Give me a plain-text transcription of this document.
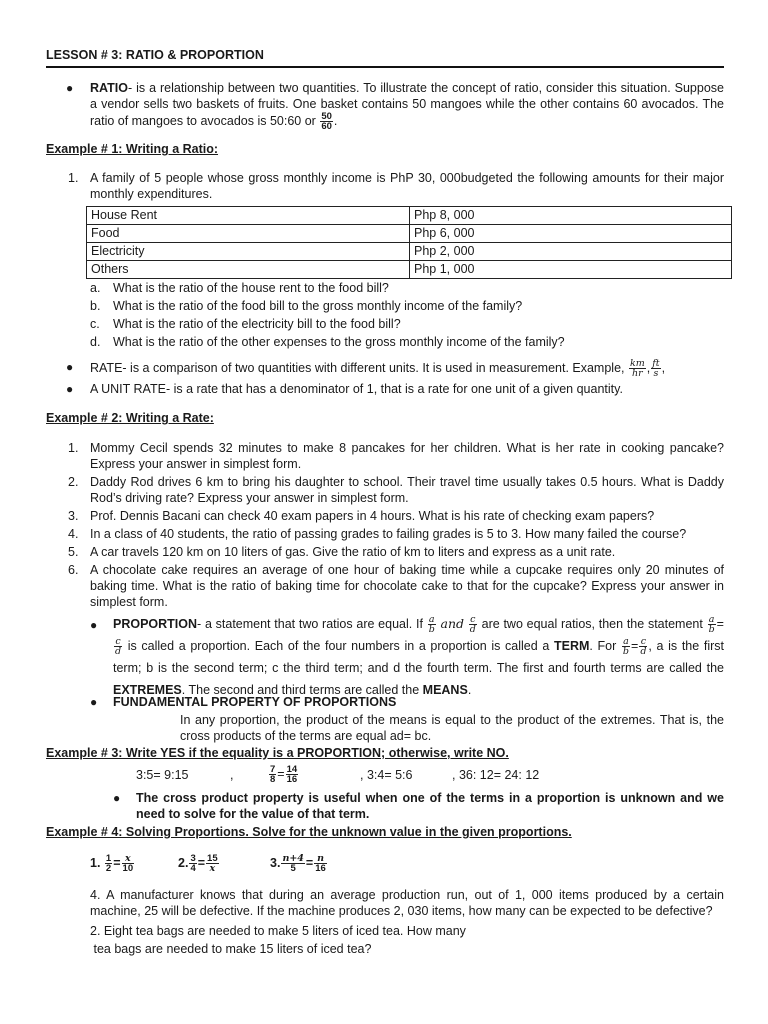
LESSON # 3: RATIO & PROPORTION
● RATIO- is a relationship between two quantities. To illustrate the concept of ratio, consider this situation. Suppose a vendor sells two baskets of fruits. One basket contains 50 mangoes while the other contains 60 avocados. The ratio of mangoes to avocados is 50:60 or $\frac{50}{60}$ .
Example # 1: Writing a Ratio:
1. A family of 5 people whose gross monthly income is PhP 30, 000budgeted the following amounts for their major monthly expenditures.
House Rent	Php 8, 000
Food	Php 6, 000
Electricity	Php 2, 000
Others	Php 1, 000
a. What is the ratio of the house rent to the food bill?
b. What is the ratio of the food bill to the gross monthly income of the family?
c. What is the ratio of the electricity bill to the food bill?
d. What is the ratio of the other expenses to the gross monthly income of the family?
● RATE- is a comparison of two quantities with different units. It is used in measurement. Example, $\frac{km}{hr}$ , $\frac{ft}{s}$ ,
● A UNIT RATE- is a rate that has a denominator of 1, that is a rate for one unit of a given quantity.
Example # 2: Writing a Rate:
1. Mommy Cecil spends 32 minutes to make 8 pancakes for her children. What is her rate in cooking pancake? Express your answer in simplest form.
2. Daddy Rod drives 6 km to bring his daughter to school. Their travel time usually takes 0.5 hours. What is Daddy Rod’s driving rate? Express your answer in simplest form.
3. Prof. Dennis Bacani can check 40 exam papers in 4 hours. What is his rate of checking exam papers?
4. In a class of 40 students, the ratio of passing grades to failing grades is 5 to 3. How many failed the course?
5. A car travels 120 km on 10 liters of gas. Give the ratio of km to liters and express as a unit rate.
6. A chocolate cake requires an average of one hour of baking time while a cupcake requires only 20 minutes of baking time. What is the ratio of baking time for chocolate cake to that for the cupcake? Express your answer in simplest form.
● PROPORTION- a statement that two ratios are equal. If $\frac{a}{b}$ and $\frac{c}{d}$ are two equal ratios, then the statement $\frac{a}{b}$ =
$\frac{c}{d}$ is called a proportion. Each of the four numbers in a proportion is called a TERM. For $\frac{a}{b} = \frac{c}{d}$ , a is the first term; b is the second term; c the third term; and d the fourth term. The first and fourth terms are called the EXTREMES. The second and third terms are called the MEANS.
● FUNDAMENTAL PROPERTY OF PROPORTIONS
In any proportion, the product of the means is equal to the product of the extremes. That is, the cross products of the terms are equal ad= bc.
Example # 3: Write YES if the equality is a PROPORTION; otherwise, write NO.
3:5= 9:15	,	$\frac{7}{8} = \frac{14}{16}$	, 3:4= 5:6	, 36: 12= 24: 12
● The cross product property is useful when one of the terms in a proportion is unknown and we need to solve for the value of that term.
Example # 4: Solving Proportions. Solve for the unknown value in the given proportions.
1. $\frac{1}{2} = \frac{x}{10}$	2. $\frac{3}{4} = \frac{15}{x}$	3. $\frac{n+4}{5} = \frac{n}{16}$
4. A manufacturer knows that during an average production run, out of 1, 000 items produced by a certain machine, 25 will be defective. If the machine produces 2, 030 items, how many can be expected to be defective?
2. Eight tea bags are needed to make 5 liters of iced tea. How many
tea bags are needed to make 15 liters of iced tea?
